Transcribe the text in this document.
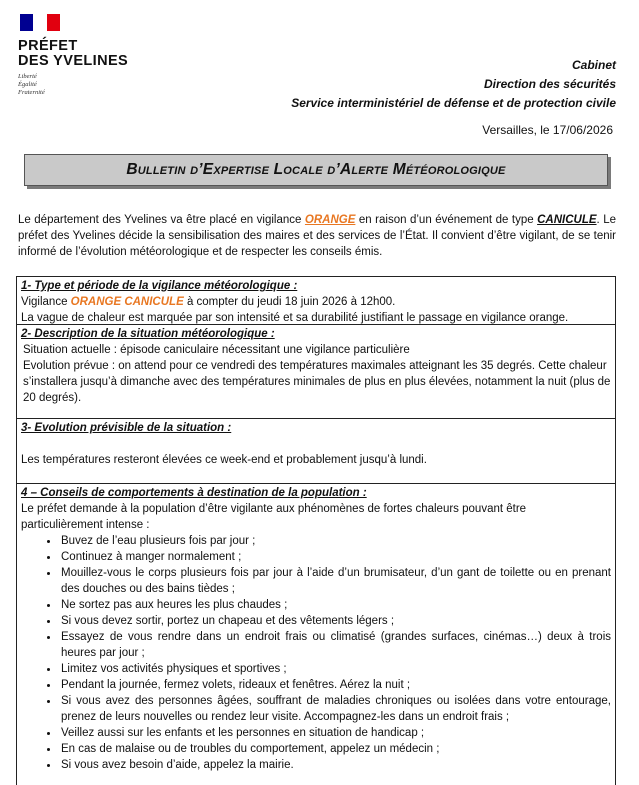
PRÉFET
DES YVELINES
Liberté
Égalité
Fraternité
Cabinet
Direction des sécurités
Service interministériel de défense et de protection civile
Versailles, le 17/06/2026
Bulletin d’Expertise Locale d’Alerte Météorologique
Le département des Yvelines va être placé en vigilance ORANGE en raison d’un événement de type CANICULE. Le préfet des Yvelines décide la sensibilisation des maires et des services de l’État. Il convient d’être vigilant, de se tenir informé de l’évolution météorologique et de respecter les conseils émis.
1- Type et période de la vigilance météorologique :
Vigilance ORANGE CANICULE à compter du jeudi 18 juin 2026 à 12h00.
La vague de chaleur est marquée par son intensité et sa durabilité justifiant le passage en vigilance orange.
2- Description de la situation météorologique :
Situation actuelle : épisode caniculaire nécessitant une vigilance particulière
Evolution prévue : on attend pour ce vendredi des températures maximales atteignant les 35 degrés. Cette chaleur s’installera jusqu’à dimanche avec des températures minimales de plus en plus élevées, notamment la nuit (plus de 20 degrés).
3- Evolution prévisible de la situation :
Les températures resteront élevées ce week-end et probablement jusqu’à lundi.
4 – Conseils de comportements à destination de la population :
Le préfet demande à la population d’être vigilante aux phénomènes de fortes chaleurs pouvant être particulièrement intense :
• Buvez de l’eau plusieurs fois par jour ;
• Continuez à manger normalement ;
• Mouillez-vous le corps plusieurs fois par jour à l’aide d’un brumisateur, d’un gant de toilette ou en prenant des douches ou des bains tièdes ;
• Ne sortez pas aux heures les plus chaudes ;
• Si vous devez sortir, portez un chapeau et des vêtements légers ;
• Essayez de vous rendre dans un endroit frais ou climatisé (grandes surfaces, cinémas…) deux à trois heures par jour ;
• Limitez vos activités physiques et sportives ;
• Pendant la journée, fermez volets, rideaux et fenêtres. Aérez la nuit ;
• Si vous avez des personnes âgées, souffrant de maladies chroniques ou isolées dans votre entourage, prenez de leurs nouvelles ou rendez leur visite. Accompagnez-les dans un endroit frais ;
• Veillez aussi sur les enfants et les personnes en situation de handicap ;
• En cas de malaise ou de troubles du comportement, appelez un médecin ;
• Si vous avez besoin d’aide, appelez la mairie.
